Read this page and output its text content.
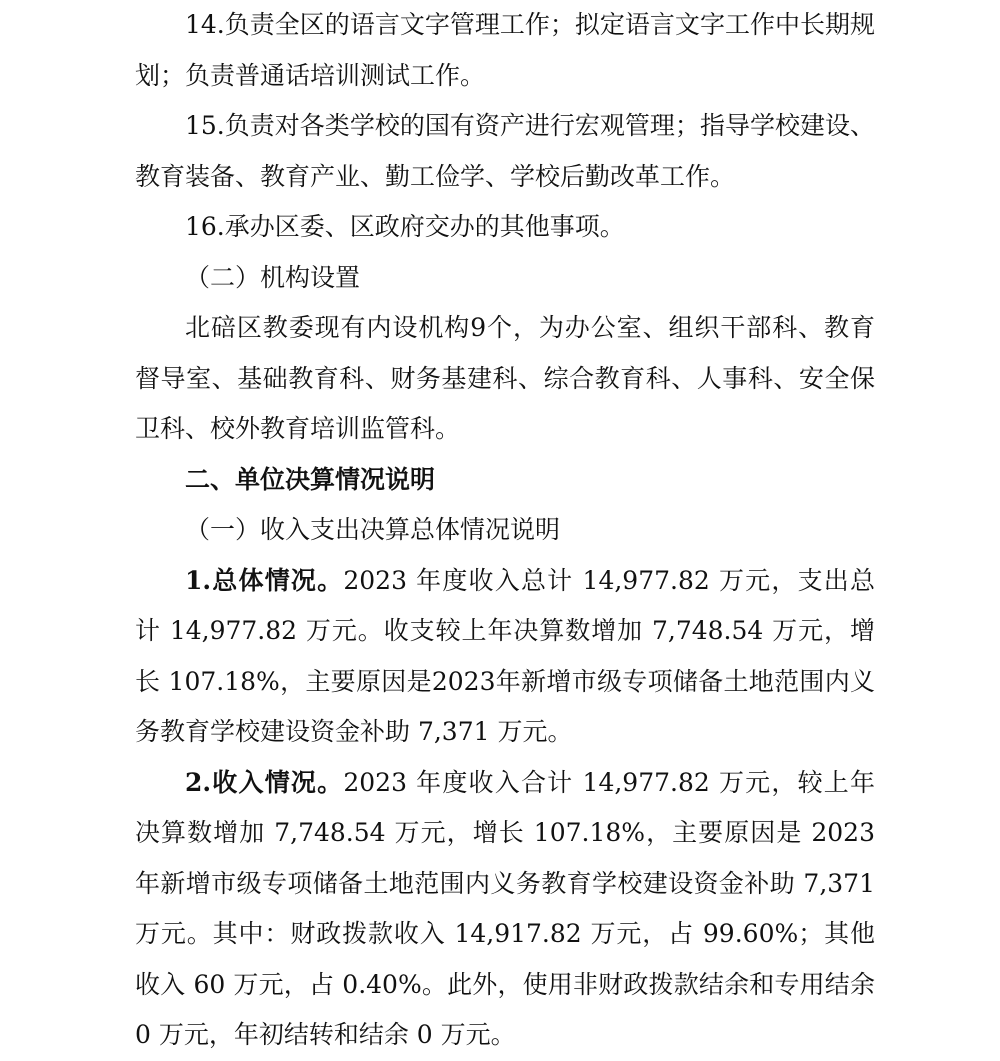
14.负责全区的语言文字管理工作；拟定语言文字工作中长期规划；负责普通话培训测试工作。

15.负责对各类学校的国有资产进行宏观管理；指导学校建设、教育装备、教育产业、勤工俭学、学校后勤改革工作。

16.承办区委、区政府交办的其他事项。

（二）机构设置

北碚区教委现有内设机构9个，为办公室、组织干部科、教育督导室、基础教育科、财务基建科、综合教育科、人事科、安全保卫科、校外教育培训监管科。

二、单位决算情况说明

（一）收入支出决算总体情况说明

1.总体情况。2023 年度收入总计 14,977.82 万元，支出总计 14,977.82 万元。收支较上年决算数增加 7,748.54 万元，增长 107.18%，主要原因是2023年新增市级专项储备土地范围内义务教育学校建设资金补助 7,371 万元。

2.收入情况。2023 年度收入合计 14,977.82 万元，较上年决算数增加 7,748.54 万元，增长 107.18%，主要原因是 2023 年新增市级专项储备土地范围内义务教育学校建设资金补助 7,371 万元。其中：财政拨款收入 14,917.82 万元，占 99.60%；其他收入 60 万元，占 0.40%。此外，使用非财政拨款结余和专用结余 0 万元，年初结转和结余 0 万元。
